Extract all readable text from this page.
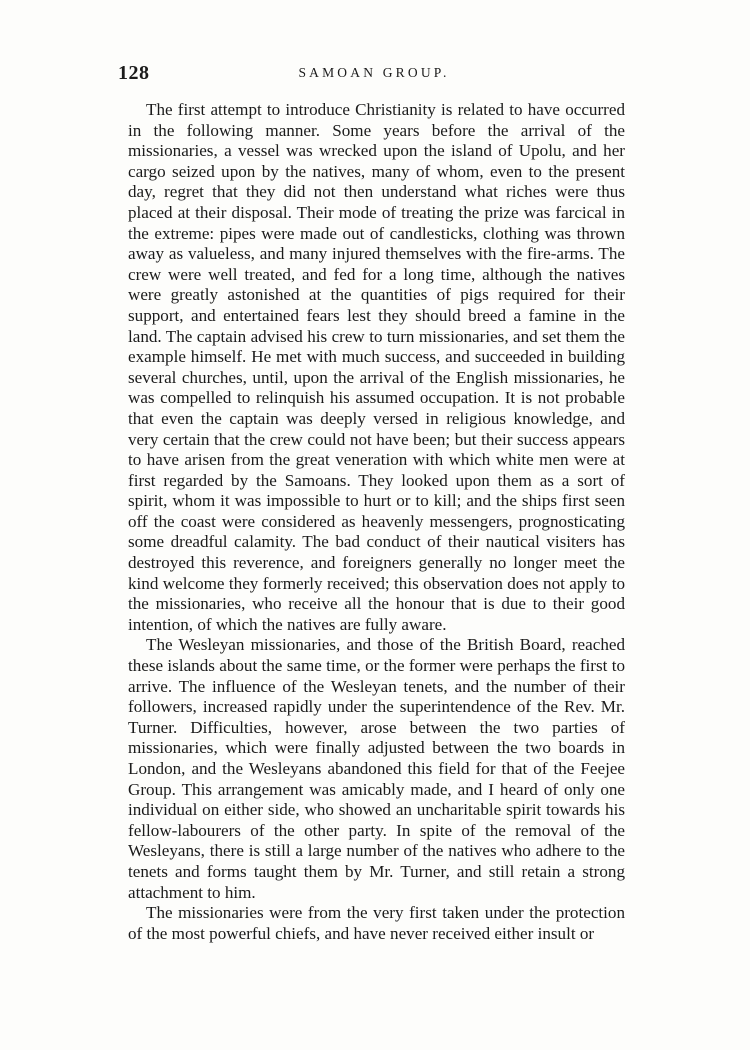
128	SAMOAN GROUP.

The first attempt to introduce Christianity is related to have occurred in the following manner. Some years before the arrival of the missionaries, a vessel was wrecked upon the island of Upolu, and her cargo seized upon by the natives, many of whom, even to the present day, regret that they did not then understand what riches were thus placed at their disposal. Their mode of treating the prize was farcical in the extreme: pipes were made out of candlesticks, clothing was thrown away as valueless, and many injured themselves with the fire-arms. The crew were well treated, and fed for a long time, although the natives were greatly astonished at the quantities of pigs required for their support, and entertained fears lest they should breed a famine in the land. The captain advised his crew to turn missionaries, and set them the example himself. He met with much success, and succeeded in building several churches, until, upon the arrival of the English missionaries, he was compelled to relinquish his assumed occupation. It is not probable that even the captain was deeply versed in religious knowledge, and very certain that the crew could not have been; but their success appears to have arisen from the great veneration with which white men were at first regarded by the Samoans. They looked upon them as a sort of spirit, whom it was impossible to hurt or to kill; and the ships first seen off the coast were considered as heavenly messengers, prognosticating some dreadful calamity. The bad conduct of their nautical visiters has destroyed this reverence, and foreigners generally no longer meet the kind welcome they formerly received; this observation does not apply to the missionaries, who receive all the honour that is due to their good intention, of which the natives are fully aware.

The Wesleyan missionaries, and those of the British Board, reached these islands about the same time, or the former were perhaps the first to arrive. The influence of the Wesleyan tenets, and the number of their followers, increased rapidly under the superintendence of the Rev. Mr. Turner. Difficulties, however, arose between the two parties of missionaries, which were finally adjusted between the two boards in London, and the Wesleyans abandoned this field for that of the Feejee Group. This arrangement was amicably made, and I heard of only one individual on either side, who showed an uncharitable spirit towards his fellow-labourers of the other party. In spite of the removal of the Wesleyans, there is still a large number of the natives who adhere to the tenets and forms taught them by Mr. Turner, and still retain a strong attachment to him.

The missionaries were from the very first taken under the protection of the most powerful chiefs, and have never received either insult or
